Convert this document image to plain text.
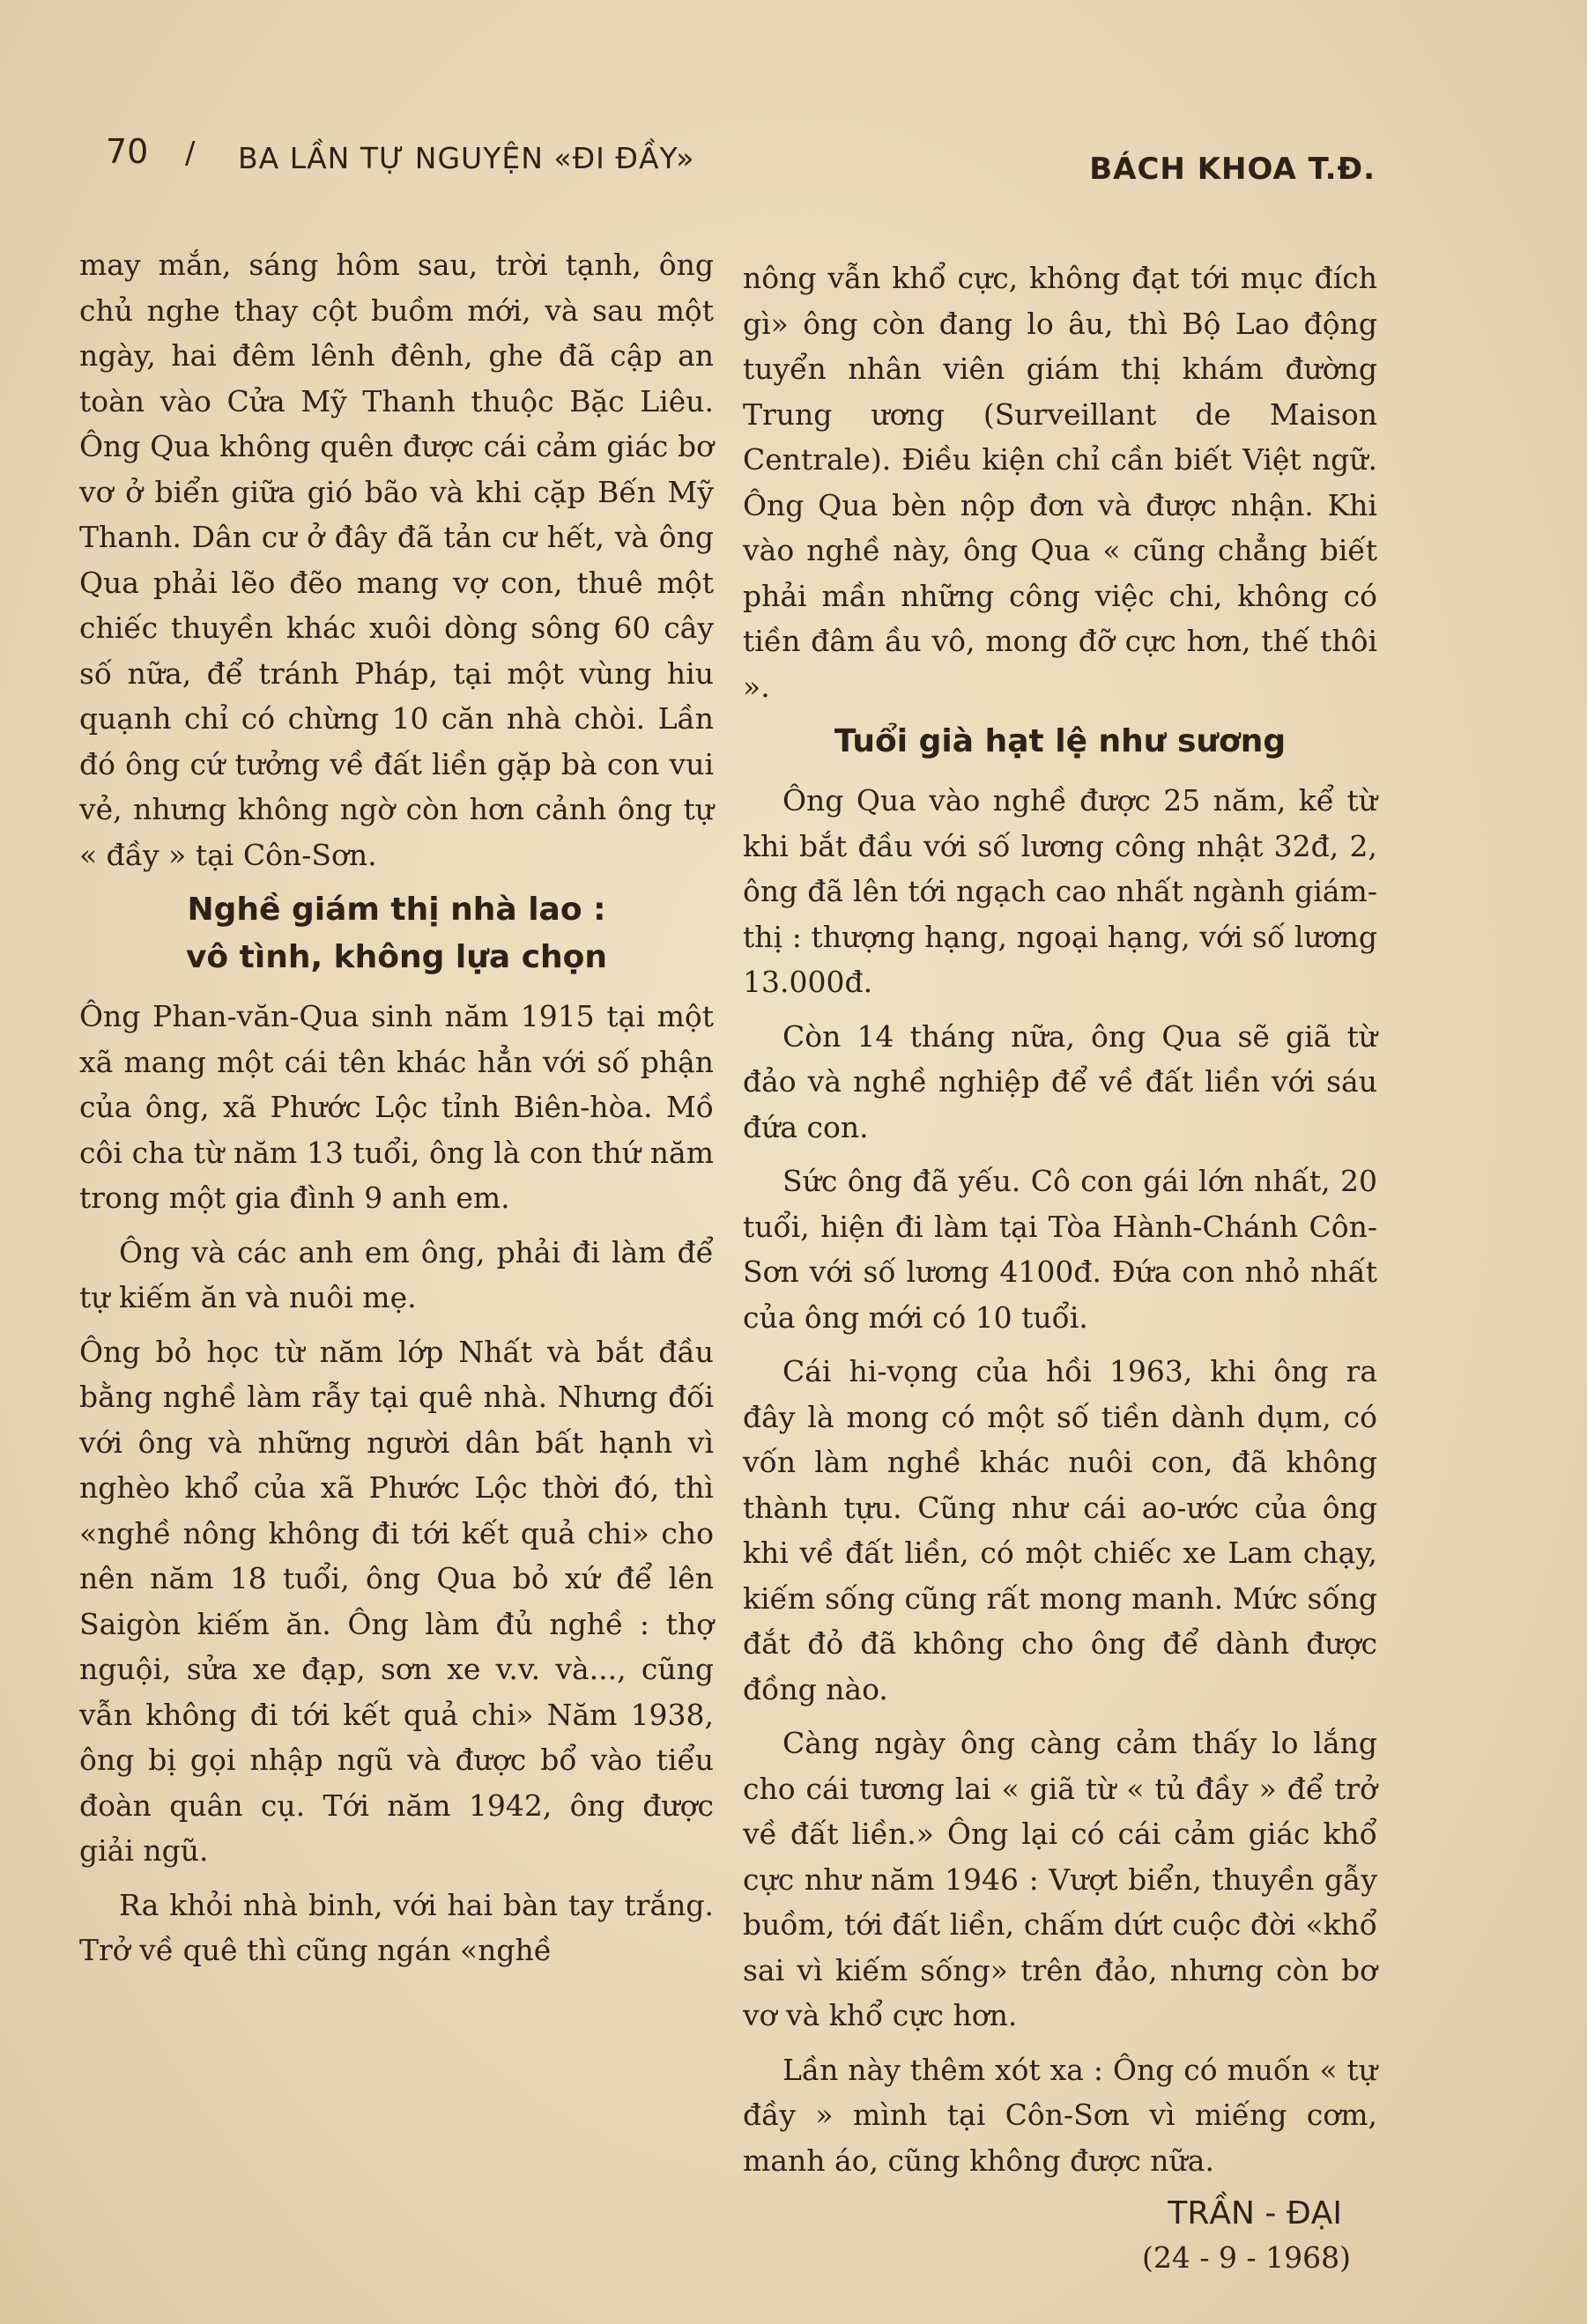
70 / BA LẦN TỰ NGUYỆN «ĐI ĐẦY»	BÁCH KHOA T.Đ.

may mắn, sáng hôm sau, trời tạnh, ông chủ nghe thay cột buồm mới, và sau một ngày, hai đêm lênh đênh, ghe đã cập an toàn vào Cửa Mỹ Thanh thuộc Bặc Liêu. Ông Qua không quên được cái cảm giác bơ vơ ở biển giữa gió bão và khi cặp Bến Mỹ Thanh. Dân cư ở đây đã tản cư hết, và ông Qua phải lẽo đẽo mang vợ con, thuê một chiếc thuyền khác xuôi dòng sông 60 cây số nữa, để tránh Pháp, tại một vùng hiu quạnh chỉ có chừng 10 căn nhà chòi. Lần đó ông cứ tưởng về đất liền gặp bà con vui vẻ, nhưng không ngờ còn hơn cảnh ông tự « đầy » tại Côn-Sơn.

Nghề giám thị nhà lao :
vô tình, không lựa chọn

Ông Phan-văn-Qua sinh năm 1915 tại một xã mang một cái tên khác hẳn với số phận của ông, xã Phước Lộc tỉnh Biên-hòa. Mồ côi cha từ năm 13 tuổi, ông là con thứ năm trong một gia đình 9 anh em.

Ông và các anh em ông, phải đi làm để tự kiếm ăn và nuôi mẹ.

Ông bỏ học từ năm lớp Nhất và bắt đầu bằng nghề làm rẫy tại quê nhà. Nhưng đối với ông và những người dân bất hạnh vì nghèo khổ của xã Phước Lộc thời đó, thì «nghề nông không đi tới kết quả chi» cho nên năm 18 tuổi, ông Qua bỏ xứ để lên Saigòn kiếm ăn. Ông làm đủ nghề : thợ nguội, sửa xe đạp, sơn xe v.v. và..., cũng vẫn không đi tới kết quả chi» Năm 1938, ông bị gọi nhập ngũ và được bổ vào tiểu đoàn quân cụ. Tới năm 1942, ông được giải ngũ.

Ra khỏi nhà binh, với hai bàn tay trắng. Trở về quê thì cũng ngán «nghề

nông vẫn khổ cực, không đạt tới mục đích gì» ông còn đang lo âu, thì Bộ Lao động tuyển nhân viên giám thị khám đường Trung ương (Surveillant de Maison Centrale). Điều kiện chỉ cần biết Việt ngữ. Ông Qua bèn nộp đơn và được nhận. Khi vào nghề này, ông Qua « cũng chẳng biết phải mần những công việc chi, không có tiền đâm ầu vô, mong đỡ cực hơn, thế thôi ».

Tuổi già hạt lệ như sương

Ông Qua vào nghề được 25 năm, kể từ khi bắt đầu với số lương công nhật 32đ, 2, ông đã lên tới ngạch cao nhất ngành giám-thị : thượng hạng, ngoại hạng, với số lương 13.000đ.

Còn 14 tháng nữa, ông Qua sẽ giã từ đảo và nghề nghiệp để về đất liền với sáu đứa con.

Sức ông đã yếu. Cô con gái lớn nhất, 20 tuổi, hiện đi làm tại Tòa Hành-Chánh Côn-Sơn với số lương 4100đ. Đứa con nhỏ nhất của ông mới có 10 tuổi.

Cái hi-vọng của hồi 1963, khi ông ra đây là mong có một số tiền dành dụm, có vốn làm nghề khác nuôi con, đã không thành tựu. Cũng như cái ao-ước của ông khi về đất liền, có một chiếc xe Lam chạy, kiếm sống cũng rất mong manh. Mức sống đắt đỏ đã không cho ông để dành được đồng nào.

Càng ngày ông càng cảm thấy lo lắng cho cái tương lai « giã từ « tủ đầy » để trở về đất liền.» Ông lại có cái cảm giác khổ cực như năm 1946 : Vượt biển, thuyền gẫy buồm, tới đất liền, chấm dứt cuộc đời «khổ sai vì kiếm sống» trên đảo, nhưng còn bơ vơ và khổ cực hơn.

Lần này thêm xót xa : Ông có muốn « tự đầy » mình tại Côn-Sơn vì miếng cơm, manh áo, cũng không được nữa.

TRẦN - ĐẠI
(24 - 9 - 1968)
